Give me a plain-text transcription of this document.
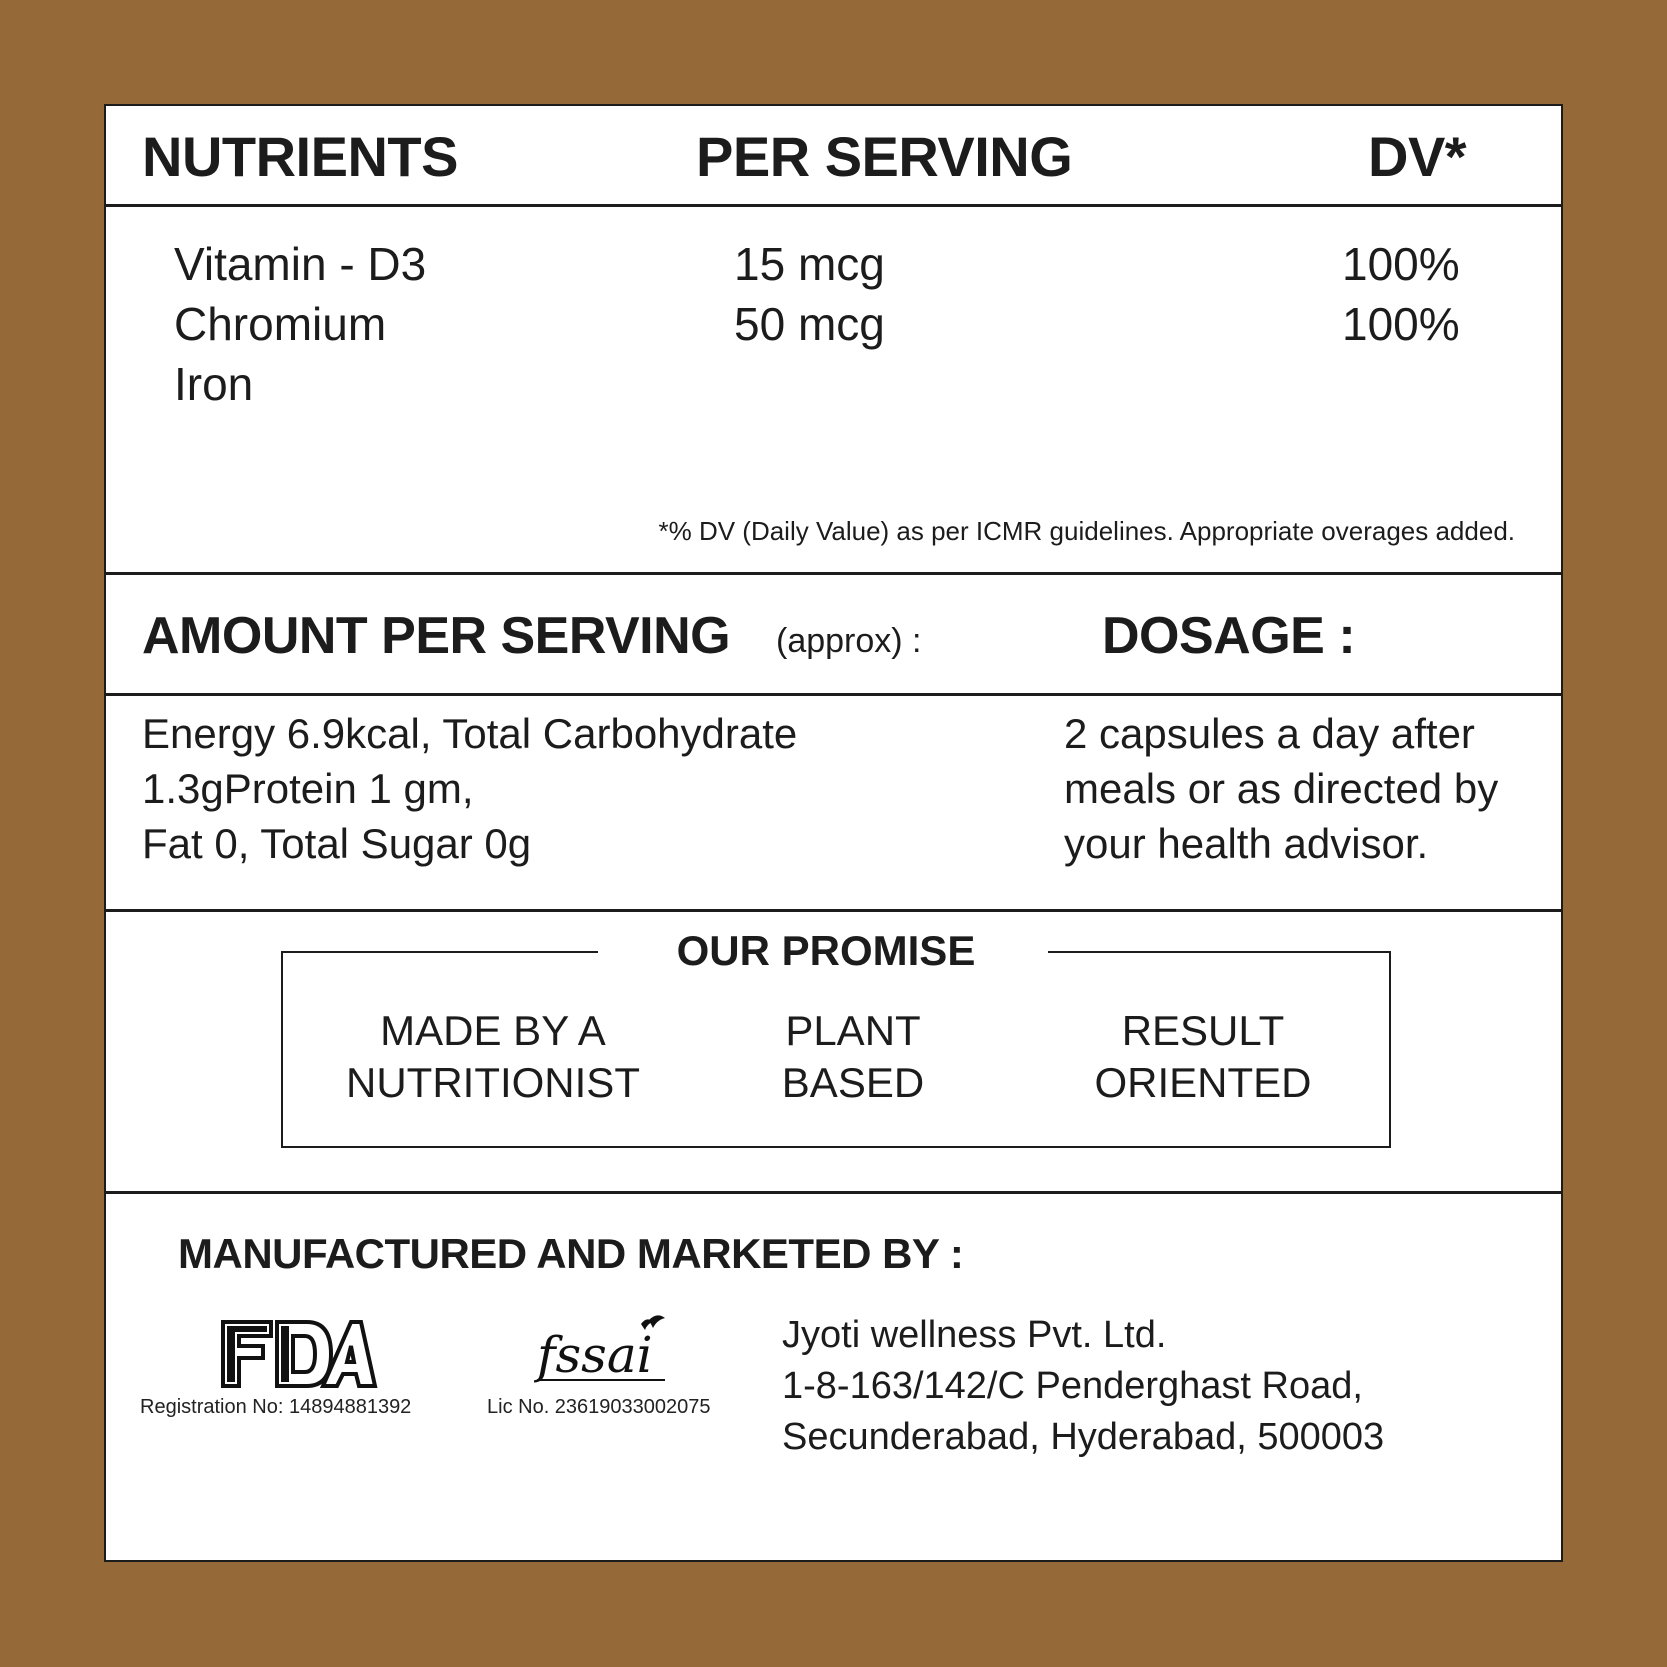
NUTRIENTS	PER SERVING	DV*
Vitamin - D3	15 mcg	100%
Chromium	50 mcg	100%
Iron
*% DV (Daily Value) as per ICMR guidelines. Appropriate overages added.
AMOUNT PER SERVING (approx) :	DOSAGE :
Energy 6.9kcal, Total Carbohydrate
1.3gProtein 1 gm,
Fat 0, Total Sugar 0g
2 capsules a day after
meals or as directed by
your health advisor.
OUR PROMISE
MADE BY A
NUTRITIONIST
PLANT
BASED
RESULT
ORIENTED
MANUFACTURED AND MARKETED BY :
Registration No: 14894881392
fssai
Lic No. 23619033002075
Jyoti wellness Pvt. Ltd.
1-8-163/142/C Penderghast Road,
Secunderabad, Hyderabad, 500003
